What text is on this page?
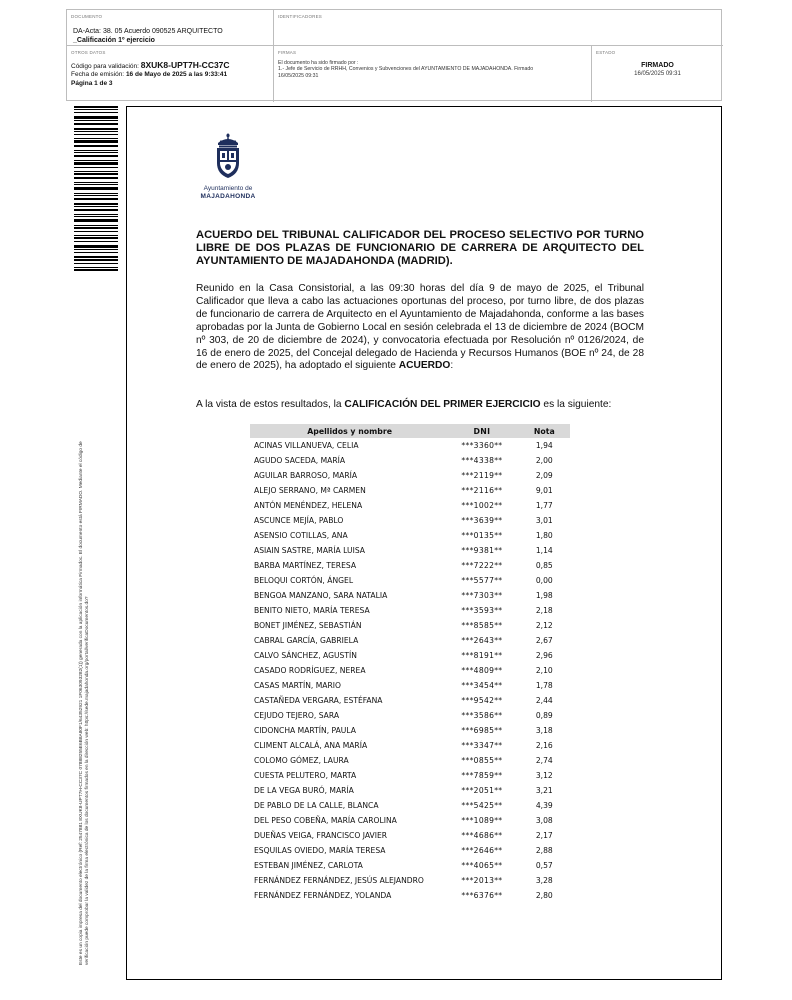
DOCUMENTO
DA-Acta: 38. 05 Acuerdo 090525 ARQUITECTO
_Calificación 1º ejercicio
IDENTIFICADORES
OTROS DATOS
Código para validación: 8XUK8-UPT7H-CC37C
Fecha de emisión: 16 de Mayo de 2025 a las 9:33:41
Página 1 de 3
FIRMAS
El documento ha sido firmado por :
1.- Jefe de Servicio de RRHH, Convenios y Subvenciones del AYUNTAMIENTO DE MAJADAHONDA. Firmado
16/05/2025 09:31
ESTADO
FIRMADO
16/05/2025 09:31
Este es un copia impresa del documento electrónico (Ref: 2547881 8XUK8-UPT7H-CC37C 07888255E6B8A80F1/64352921 1F063093282(1)) generada con la aplicación informática Firmadoc. El documento está FIRMADO. Mediante el código de verificación puede comprobar la validez de la firma electrónica de los documentos firmados en la dirección web: https://sede.majadahonda.org/portal/verificaDocumentos.do?
Ayuntamiento de
MAJADAHONDA
ACUERDO DEL TRIBUNAL CALIFICADOR DEL PROCESO SELECTIVO POR TURNO LIBRE DE DOS PLAZAS DE FUNCIONARIO DE CARRERA DE ARQUITECTO DEL AYUNTAMIENTO DE MAJADAHONDA (MADRID).
Reunido en la Casa Consistorial, a las 09:30 horas del día 9 de mayo de 2025, el Tribunal Calificador que lleva a cabo las actuaciones oportunas del proceso, por turno libre, de dos plazas de funcionario de carrera de Arquitecto en el Ayuntamiento de Majadahonda, conforme a las bases aprobadas por la Junta de Gobierno Local en sesión celebrada el 13 de diciembre de 2024 (BOCM nº 303, de 20 de diciembre de 2024), y convocatoria efectuada por Resolución nº 0126/2024, de 16 de enero de 2025, del Concejal delegado de Hacienda y Recursos Humanos (BOE nº 24, de 28 de enero de 2025), ha adoptado el siguiente ACUERDO:
A la vista de estos resultados, la CALIFICACIÓN DEL PRIMER EJERCICIO es la siguiente:
Apellidos y nombre	DNI	Nota
ACINAS VILLANUEVA, CELIA	***3360**	1,94
AGUDO SACEDA, MARÍA	***4338**	2,00
AGUILAR BARROSO, MARÍA	***2119**	2,09
ALEJO SERRANO, Mª CARMEN	***2116**	9,01
ANTÓN MENÉNDEZ, HELENA	***1002**	1,77
ASCUNCE MEJÍA, PABLO	***3639**	3,01
ASENSIO COTILLAS, ANA	***0135**	1,80
ASIAIN SASTRE, MARÍA LUISA	***9381**	1,14
BARBA MARTÍNEZ, TERESA	***7222**	0,85
BELOQUI CORTÓN, ÁNGEL	***5577**	0,00
BENGOA MANZANO, SARA NATALIA	***7303**	1,98
BENITO NIETO, MARÍA TERESA	***3593**	2,18
BONET JIMÉNEZ, SEBASTIÁN	***8585**	2,12
CABRAL GARCÍA, GABRIELA	***2643**	2,67
CALVO SÁNCHEZ, AGUSTÍN	***8191**	2,96
CASADO RODRÍGUEZ, NEREA	***4809**	2,10
CASAS MARTÍN, MARIO	***3454**	1,78
CASTAÑEDA VERGARA, ESTÉFANA	***9542**	2,44
CEJUDO TEJERO, SARA	***3586**	0,89
CIDONCHA MARTÍN, PAULA	***6985**	3,18
CLIMENT ALCALÁ, ANA MARÍA	***3347**	2,16
COLOMO GÓMEZ, LAURA	***0855**	2,74
CUESTA PELUTERO, MARTA	***7859**	3,12
DE LA VEGA BURÓ, MARÍA	***2051**	3,21
DE PABLO DE LA CALLE, BLANCA	***5425**	4,39
DEL PESO COBEÑA, MARÍA CAROLINA	***1089**	3,08
DUEÑAS VEIGA, FRANCISCO JAVIER	***4686**	2,17
ESQUILAS OVIEDO, MARÍA TERESA	***2646**	2,88
ESTEBAN JIMÉNEZ, CARLOTA	***4065**	0,57
FERNÁNDEZ FERNÁNDEZ, JESÚS ALEJANDRO	***2013**	3,28
FERNÁNDEZ FERNÁNDEZ, YOLANDA	***6376**	2,80
